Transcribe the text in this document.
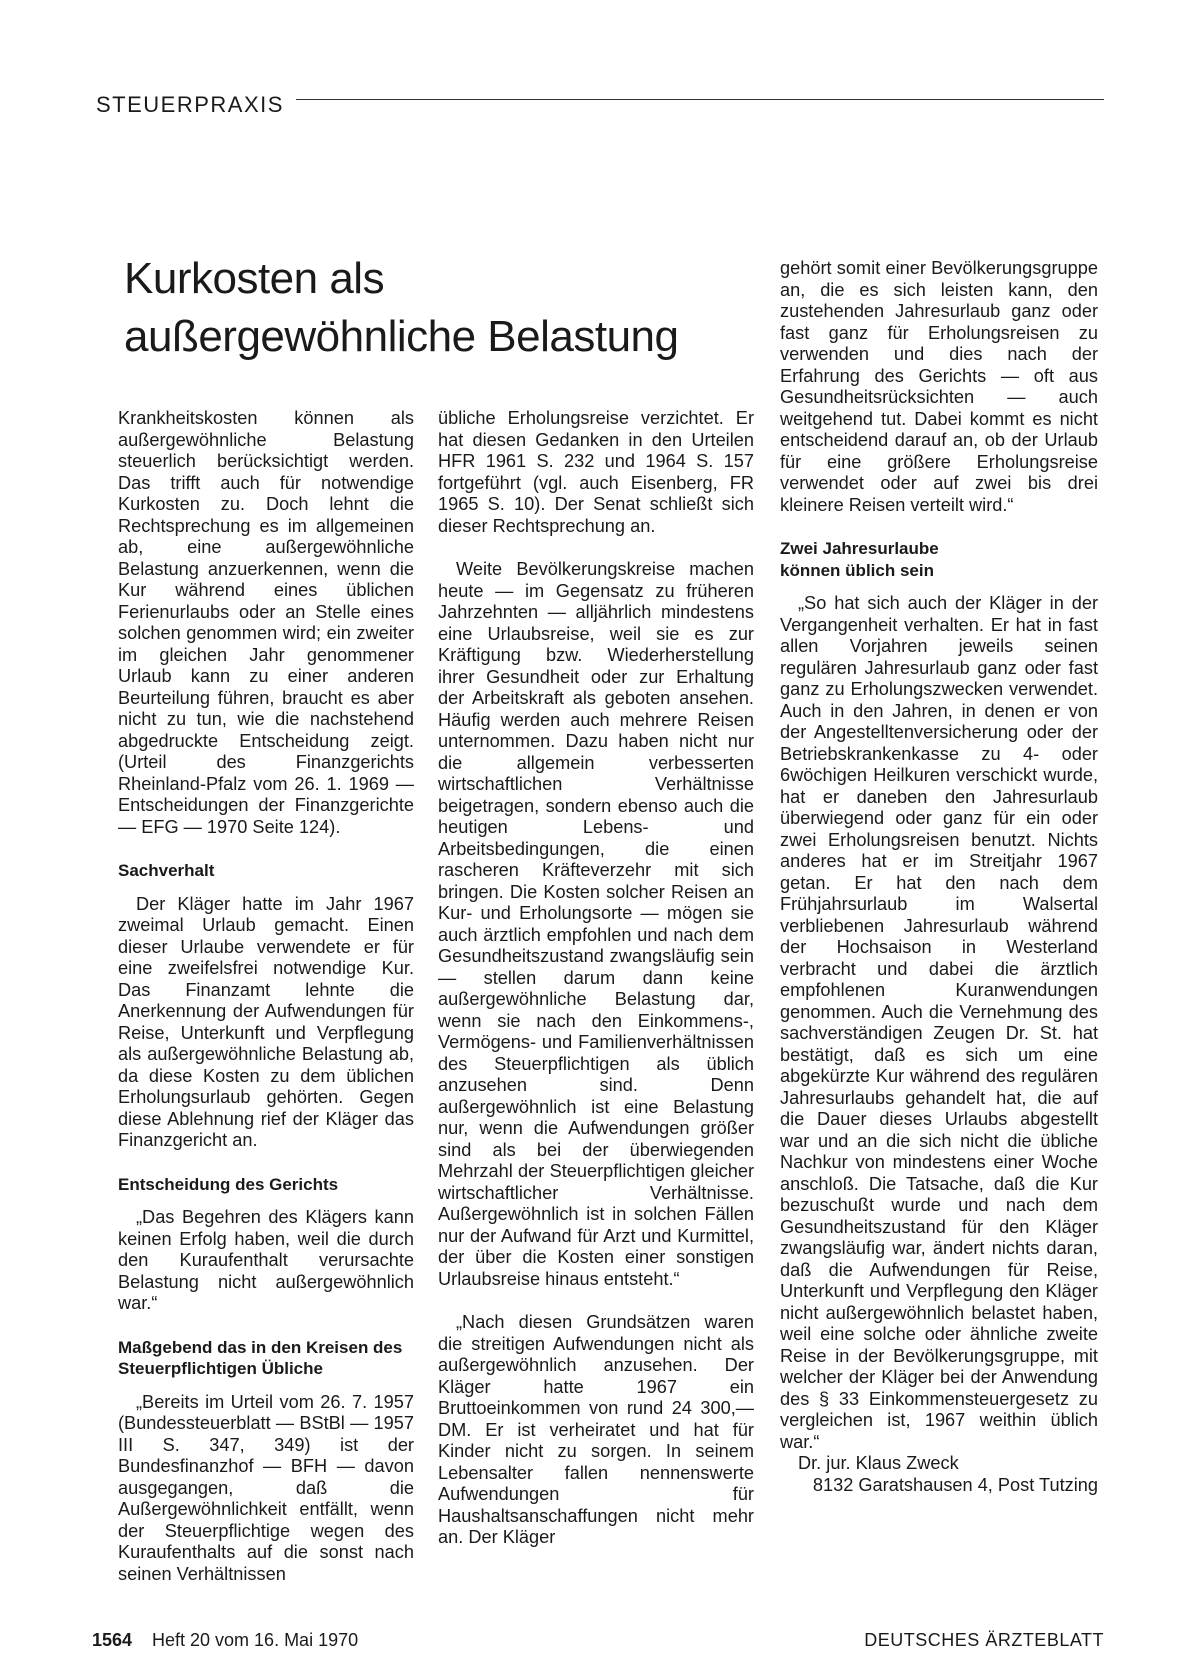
STEUERPRAXIS
Kurkosten als
außergewöhnliche Belastung

Krankheitskosten können als außergewöhnliche Belastung steuerlich berücksichtigt werden. Das trifft auch für notwendige Kurkosten zu. Doch lehnt die Rechtsprechung es im allgemeinen ab, eine außergewöhnliche Belastung anzuerkennen, wenn die Kur während eines üblichen Ferienurlaubs oder an Stelle eines solchen genommen wird; ein zweiter im gleichen Jahr genommener Urlaub kann zu einer anderen Beurteilung führen, braucht es aber nicht zu tun, wie die nachstehend abgedruckte Entscheidung zeigt. (Urteil des Finanzgerichts Rheinland-Pfalz vom 26. 1. 1969 — Entscheidungen der Finanzgerichte — EFG — 1970 Seite 124).

Sachverhalt

Der Kläger hatte im Jahr 1967 zweimal Urlaub gemacht. Einen dieser Urlaube verwendete er für eine zweifelsfrei notwendige Kur. Das Finanzamt lehnte die Anerkennung der Aufwendungen für Reise, Unterkunft und Verpflegung als außergewöhnliche Belastung ab, da diese Kosten zu dem üblichen Erholungsurlaub gehörten. Gegen diese Ablehnung rief der Kläger das Finanzgericht an.

Entscheidung des Gerichts

„Das Begehren des Klägers kann keinen Erfolg haben, weil die durch den Kuraufenthalt verursachte Belastung nicht außergewöhnlich war.“

Maßgebend das in den Kreisen des Steuerpflichtigen Übliche

„Bereits im Urteil vom 26. 7. 1957 (Bundessteuerblatt — BStBl — 1957 III S. 347, 349) ist der Bundesfinanzhof — BFH — davon ausgegangen, daß die Außergewöhnlichkeit entfällt, wenn der Steuerpflichtige wegen des Kuraufenthalts auf die sonst nach seinen Verhältnissen

übliche Erholungsreise verzichtet. Er hat diesen Gedanken in den Urteilen HFR 1961 S. 232 und 1964 S. 157 fortgeführt (vgl. auch Eisenberg, FR 1965 S. 10). Der Senat schließt sich dieser Rechtsprechung an.

Weite Bevölkerungskreise machen heute — im Gegensatz zu früheren Jahrzehnten — alljährlich mindestens eine Urlaubsreise, weil sie es zur Kräftigung bzw. Wiederherstellung ihrer Gesundheit oder zur Erhaltung der Arbeitskraft als geboten ansehen. Häufig werden auch mehrere Reisen unternommen. Dazu haben nicht nur die allgemein verbesserten wirtschaftlichen Verhältnisse beigetragen, sondern ebenso auch die heutigen Lebens- und Arbeitsbedingungen, die einen rascheren Kräfteverzehr mit sich bringen. Die Kosten solcher Reisen an Kur- und Erholungsorte — mögen sie auch ärztlich empfohlen und nach dem Gesundheitszustand zwangsläufig sein — stellen darum dann keine außergewöhnliche Belastung dar, wenn sie nach den Einkommens-, Vermögens- und Familienverhältnissen des Steuerpflichtigen als üblich anzusehen sind. Denn außergewöhnlich ist eine Belastung nur, wenn die Aufwendungen größer sind als bei der überwiegenden Mehrzahl der Steuerpflichtigen gleicher wirtschaftlicher Verhältnisse. Außergewöhnlich ist in solchen Fällen nur der Aufwand für Arzt und Kurmittel, der über die Kosten einer sonstigen Urlaubsreise hinaus entsteht.“

„Nach diesen Grundsätzen waren die streitigen Aufwendungen nicht als außergewöhnlich anzusehen. Der Kläger hatte 1967 ein Bruttoeinkommen von rund 24 300,— DM. Er ist verheiratet und hat für Kinder nicht zu sorgen. In seinem Lebensalter fallen nennenswerte Aufwendungen für Haushaltsanschaffungen nicht mehr an. Der Kläger

gehört somit einer Bevölkerungsgruppe an, die es sich leisten kann, den zustehenden Jahresurlaub ganz oder fast ganz für Erholungsreisen zu verwenden und dies nach der Erfahrung des Gerichts — oft aus Gesundheitsrücksichten — auch weitgehend tut. Dabei kommt es nicht entscheidend darauf an, ob der Urlaub für eine größere Erholungsreise verwendet oder auf zwei bis drei kleinere Reisen verteilt wird.“

Zwei Jahresurlaube
können üblich sein

„So hat sich auch der Kläger in der Vergangenheit verhalten. Er hat in fast allen Vorjahren jeweils seinen regulären Jahresurlaub ganz oder fast ganz zu Erholungszwecken verwendet. Auch in den Jahren, in denen er von der Angestelltenversicherung oder der Betriebskrankenkasse zu 4- oder 6wöchigen Heilkuren verschickt wurde, hat er daneben den Jahresurlaub überwiegend oder ganz für ein oder zwei Erholungsreisen benutzt. Nichts anderes hat er im Streitjahr 1967 getan. Er hat den nach dem Frühjahrsurlaub im Walsertal verbliebenen Jahresurlaub während der Hochsaison in Westerland verbracht und dabei die ärztlich empfohlenen Kuranwendungen genommen. Auch die Vernehmung des sachverständigen Zeugen Dr. St. hat bestätigt, daß es sich um eine abgekürzte Kur während des regulären Jahresurlaubs gehandelt hat, die auf die Dauer dieses Urlaubs abgestellt war und an die sich nicht die übliche Nachkur von mindestens einer Woche anschloß. Die Tatsache, daß die Kur bezuschußt wurde und nach dem Gesundheitszustand für den Kläger zwangsläufig war, ändert nichts daran, daß die Aufwendungen für Reise, Unterkunft und Verpflegung den Kläger nicht außergewöhnlich belastet haben, weil eine solche oder ähnliche zweite Reise in der Bevölkerungsgruppe, mit welcher der Kläger bei der Anwendung des § 33 Einkommensteuergesetz zu vergleichen ist, 1967 weithin üblich war.“

Dr. jur. Klaus Zweck

8132 Garatshausen 4, Post Tutzing

1564 Heft 20 vom 16. Mai 1970	DEUTSCHES ÄRZTEBLATT
